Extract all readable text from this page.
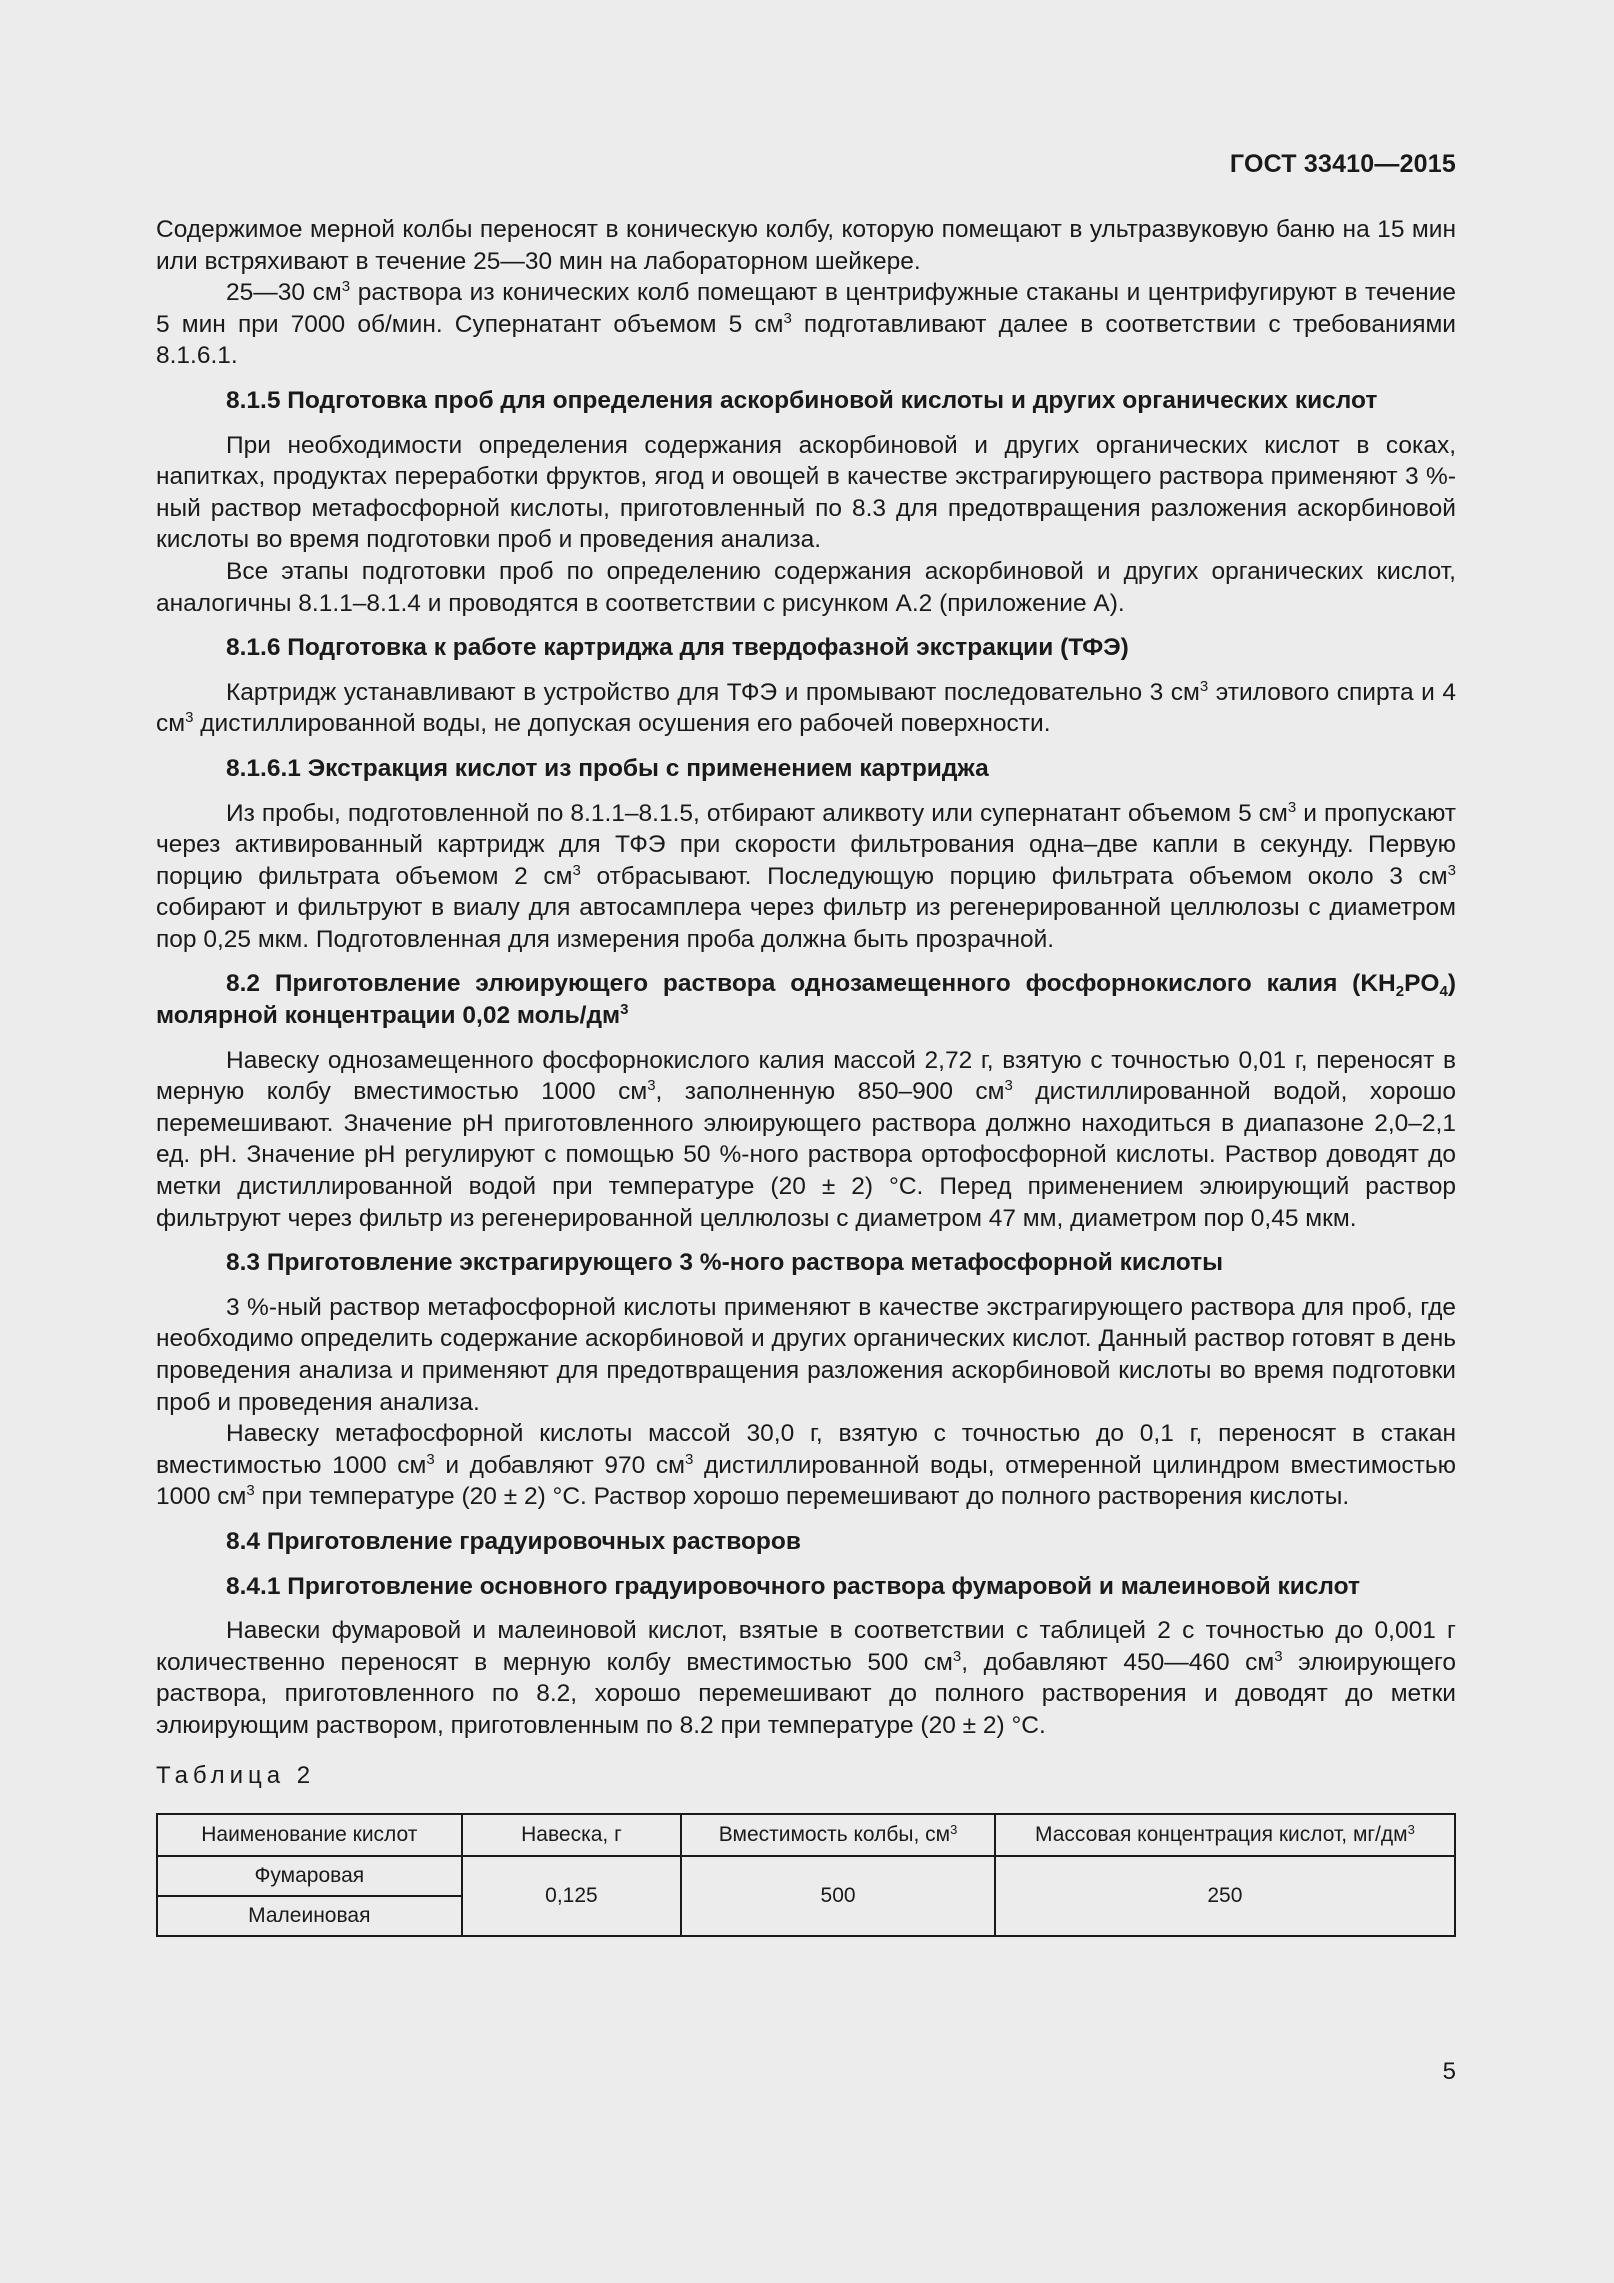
ГОСТ 33410—2015

Содержимое мерной колбы переносят в коническую колбу, которую помещают в ультразвуковую баню на 15 мин или встряхивают в течение 25—30 мин на лабораторном шейкере.

25—30 $см^3$ раствора из конических колб помещают в центрифужные стаканы и центрифугируют в течение 5 мин при 7000 об/мин. Супернатант объемом 5 $см^3$ подготавливают далее в соответствии с требованиями 8.1.6.1.

8.1.5 Подготовка проб для определения аскорбиновой кислоты и других органических кислот

При необходимости определения содержания аскорбиновой и других органических кислот в соках, напитках, продуктах переработки фруктов, ягод и овощей в качестве экстрагирующего раствора применяют 3 %-ный раствор метафосфорной кислоты, приготовленный по 8.3 для предотвращения разложения аскорбиновой кислоты во время подготовки проб и проведения анализа.

Все этапы подготовки проб по определению содержания аскорбиновой и других органических кислот, аналогичны 8.1.1–8.1.4 и проводятся в соответствии с рисунком А.2 (приложение А).

8.1.6 Подготовка к работе картриджа для твердофазной экстракции (ТФЭ)

Картридж устанавливают в устройство для ТФЭ и промывают последовательно 3 $см^3$ этилового спирта и 4 $см^3$ дистиллированной воды, не допуская осушения его рабочей поверхности.

8.1.6.1 Экстракция кислот из пробы с применением картриджа

Из пробы, подготовленной по 8.1.1–8.1.5, отбирают аликвоту или супернатант объемом 5 $см^3$ и пропускают через активированный картридж для ТФЭ при скорости фильтрования одна–две капли в секунду. Первую порцию фильтрата объемом 2 $см^3$ отбрасывают. Последующую порцию фильтрата объемом около 3 $см^3$ собирают и фильтруют в виалу для автосамплера через фильтр из регенерированной целлюлозы с диаметром пор 0,25 мкм. Подготовленная для измерения проба должна быть прозрачной.

8.2 Приготовление элюирующего раствора однозамещенного фосфорнокислого калия $(KH_2PO_4)$ молярной концентрации 0,02 моль/$дм^3$

Навеску однозамещенного фосфорнокислого калия массой 2,72 г, взятую с точностью 0,01 г, переносят в мерную колбу вместимостью 1000 $см^3$, заполненную 850–900 $см^3$ дистиллированной водой, хорошо перемешивают. Значение pH приготовленного элюирующего раствора должно находиться в диапазоне 2,0–2,1 ед. pH. Значение pH регулируют с помощью 50 %-ного раствора ортофосфорной кислоты. Раствор доводят до метки дистиллированной водой при температуре (20 ± 2) °С. Перед применением элюирующий раствор фильтруют через фильтр из регенерированной целлюлозы с диаметром 47 мм, диаметром пор 0,45 мкм.

8.3 Приготовление экстрагирующего 3 %-ного раствора метафосфорной кислоты

3 %-ный раствор метафосфорной кислоты применяют в качестве экстрагирующего раствора для проб, где необходимо определить содержание аскорбиновой и других органических кислот. Данный раствор готовят в день проведения анализа и применяют для предотвращения разложения аскорбиновой кислоты во время подготовки проб и проведения анализа.

Навеску метафосфорной кислоты массой 30,0 г, взятую с точностью до 0,1 г, переносят в стакан вместимостью 1000 $см^3$ и добавляют 970 $см^3$ дистиллированной воды, отмеренной цилиндром вместимостью 1000 $см^3$ при температуре (20 ± 2) °С. Раствор хорошо перемешивают до полного растворения кислоты.

8.4 Приготовление градуировочных растворов
8.4.1 Приготовление основного градуировочного раствора фумаровой и малеиновой кислот

Навески фумаровой и малеиновой кислот, взятые в соответствии с таблицей 2 с точностью до 0,001 г количественно переносят в мерную колбу вместимостью 500 $см^3$, добавляют 450—460 $см^3$ элюирующего раствора, приготовленного по 8.2, хорошо перемешивают до полного растворения и доводят до метки элюирующим раствором, приготовленным по 8.2 при температуре (20 ± 2) °С.

Таблица 2
Наименование кислот	Навеска, г	Вместимость колбы, $см^3$	Массовая концентрация кислот, $мг/дм^3$
Фумаровая	0,125	500	250
Малеиновая			
5
